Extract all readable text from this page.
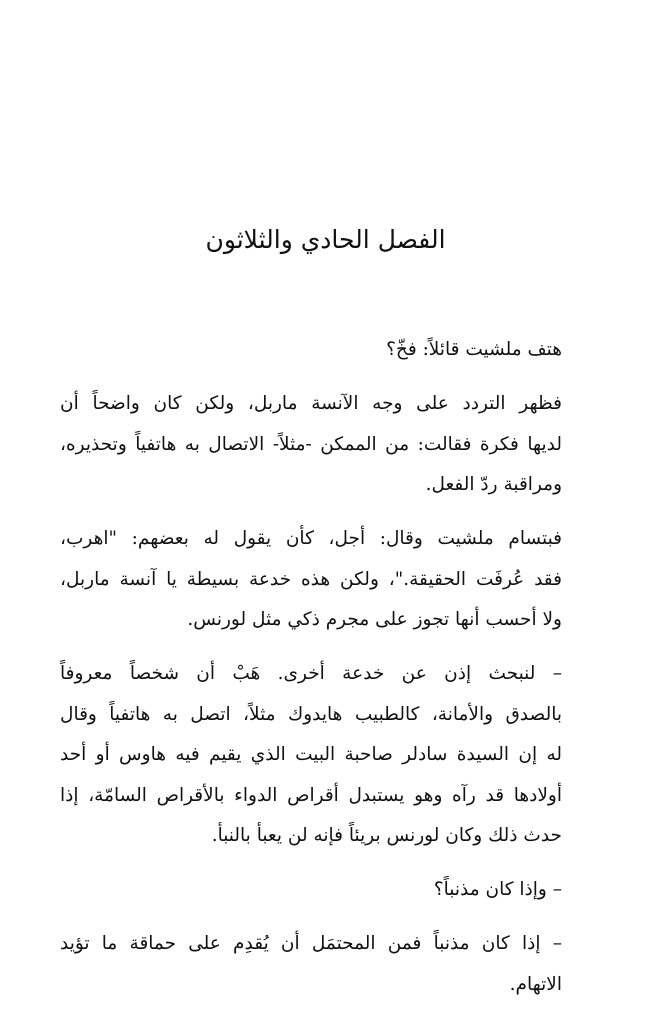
الفصل الحادي والثلاثون

هتف ملشيت قائلاً: فخّ؟

فظهر التردد على وجه الآنسة ماربل، ولكن كان واضحاً أن
لديها فكرة فقالت: من الممكن -مثلاً- الاتصال به هاتفياً وتحذيره،
ومراقبة ردّ الفعل.

فبتسام ملشيت وقال: أجل، كأن يقول له بعضهم: "اهرب،
فقد عُرفَت الحقيقة."، ولكن هذه خدعة بسيطة يا آنسة ماربل،
ولا أحسب أنها تجوز على مجرم ذكي مثل لورنس.

– لنبحث إذن عن خدعة أخرى. هَبْ أن شخصاً معروفاً
بالصدق والأمانة، كالطبيب هايدوك مثلاً، اتصل به هاتفياً وقال
له إن السيدة سادلر صاحبة البيت الذي يقيم فيه هاوس أو أحد
أولادها قد رآه وهو يستبدل أقراص الدواء بالأقراص السامّة، إذا
حدث ذلك وكان لورنس بريئاً فإنه لن يعبأ بالنبأ.

– وإذا كان مذنباً؟

– إذا كان مذنباً فمن المحتمَل أن يُقدِم على حماقة ما تؤيد
الاتهام.
